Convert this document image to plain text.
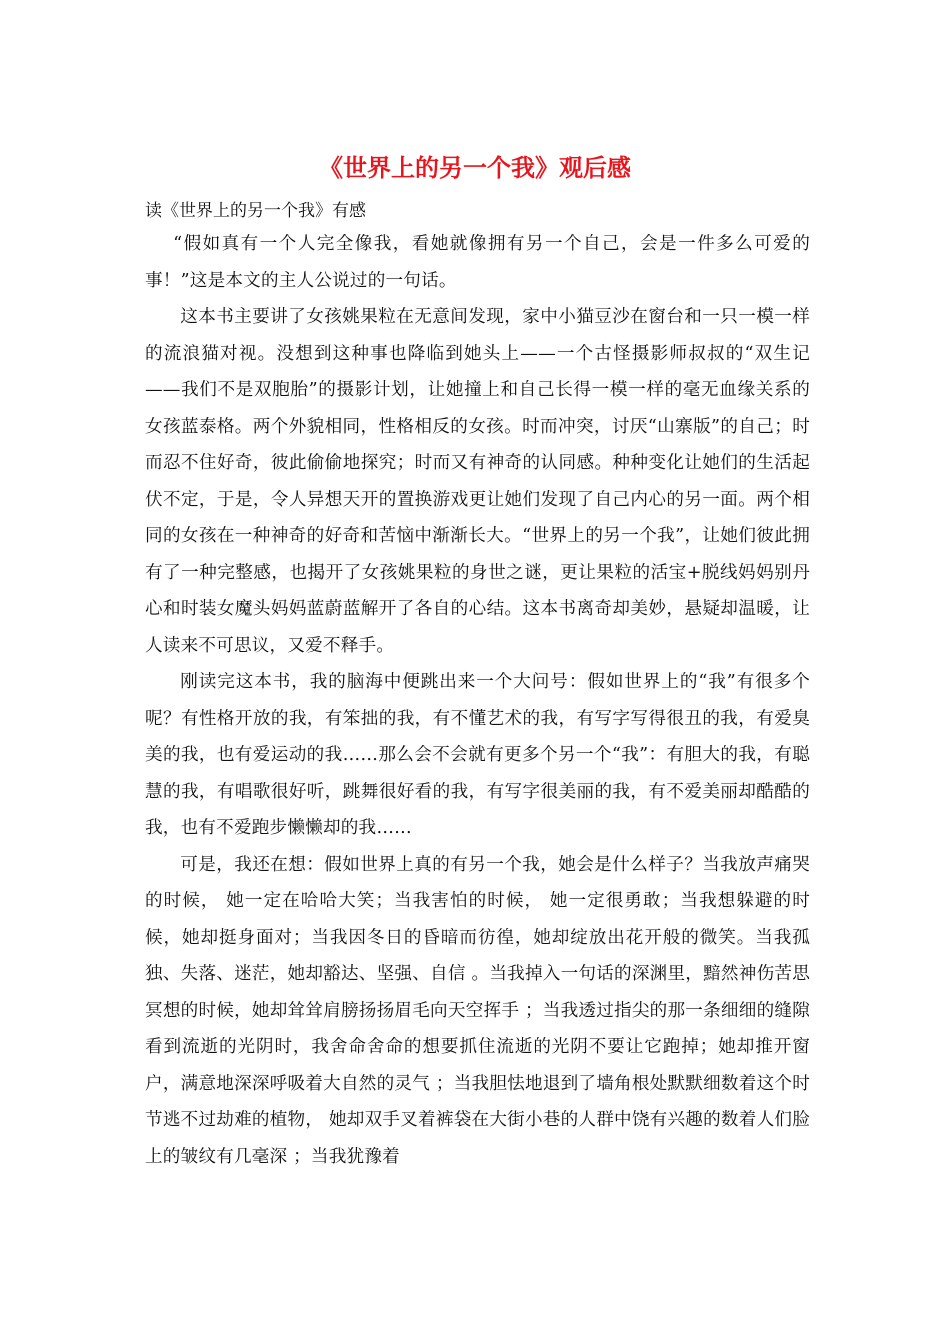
《世界上的另一个我》观后感

读《世界上的另一个我》有感

“假如真有一个人完全像我，看她就像拥有另一个自己，会是一件多么可爱的事！”这是本文的主人公说过的一句话。

这本书主要讲了女孩姚果粒在无意间发现，家中小猫豆沙在窗台和一只一模一样的流浪猫对视。没想到这种事也降临到她头上——一个古怪摄影师叔叔的“双生记——我们不是双胞胎”的摄影计划，让她撞上和自己长得一模一样的毫无血缘关系的女孩蓝泰格。两个外貌相同，性格相反的女孩。时而冲突，讨厌“山寨版”的自己；时而忍不住好奇，彼此偷偷地探究；时而又有神奇的认同感。种种变化让她们的生活起伏不定，于是，令人异想天开的置换游戏更让她们发现了自己内心的另一面。两个相同的女孩在一种神奇的好奇和苦恼中渐渐长大。“世界上的另一个我”，让她们彼此拥有了一种完整感，也揭开了女孩姚果粒的身世之谜，更让果粒的活宝+脱线妈妈别丹心和时装女魔头妈妈蓝蔚蓝解开了各自的心结。这本书离奇却美妙，悬疑却温暖，让人读来不可思议，又爱不释手。

刚读完这本书，我的脑海中便跳出来一个大问号：假如世界上的“我”有很多个呢？有性格开放的我，有笨拙的我，有不懂艺术的我，有写字写得很丑的我，有爱臭美的我，也有爱运动的我……那么会不会就有更多个另一个“我”：有胆大的我，有聪慧的我，有唱歌很好听，跳舞很好看的我，有写字很美丽的我，有不爱美丽却酷酷的我，也有不爱跑步懒懒却的我……

可是，我还在想：假如世界上真的有另一个我，她会是什么样子？当我放声痛哭的时候， 她一定在哈哈大笑；当我害怕的时候， 她一定很勇敢；当我想躲避的时候，她却挺身面对；当我因冬日的昏暗而彷徨，她却绽放出花开般的微笑。当我孤独、失落、迷茫，她却豁达、坚强、自信 。当我掉入一句话的深渊里，黯然神伤苦思冥想的时候，她却耸耸肩膀扬扬眉毛向天空挥手 ；当我透过指尖的那一条细细的缝隙看到流逝的光阴时，我舍命舍命的想要抓住流逝的光阴不要让它跑掉；她却推开窗户，满意地深深呼吸着大自然的灵气 ；当我胆怯地退到了墙角根处默默细数着这个时节逃不过劫难的植物， 她却双手叉着裤袋在大街小巷的人群中饶有兴趣的数着人们脸上的皱纹有几毫深 ；当我犹豫着
